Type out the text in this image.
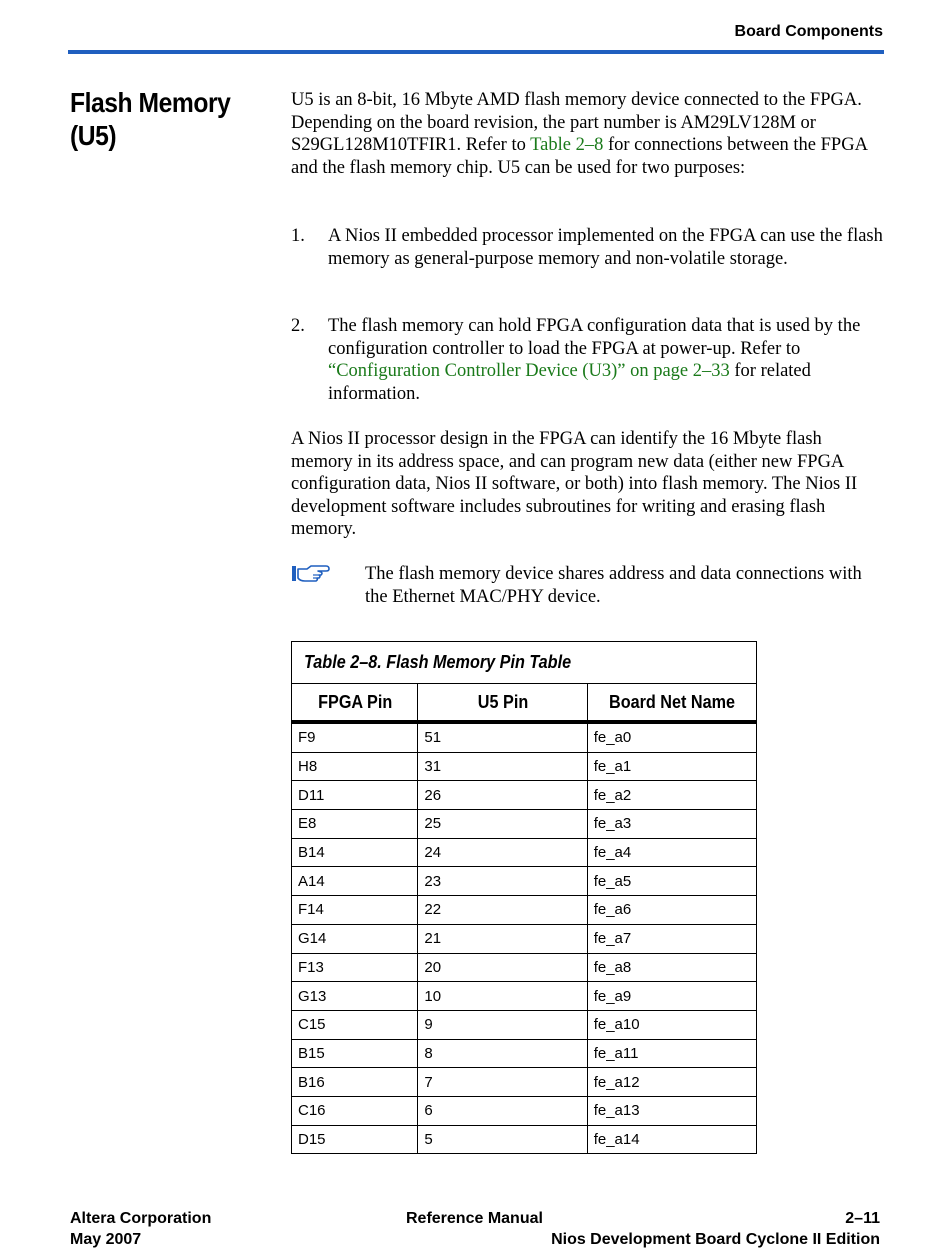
Board Components
Flash Memory (U5)
U5 is an 8-bit, 16 Mbyte AMD flash memory device connected to the FPGA. Depending on the board revision, the part number is AM29LV128M or S29GL128M10TFIR1. Refer to Table 2–8 for connections between the FPGA and the flash memory chip. U5 can be used for two purposes:
1. A Nios II embedded processor implemented on the FPGA can use the flash memory as general-purpose memory and non-volatile storage.
2. The flash memory can hold FPGA configuration data that is used by the configuration controller to load the FPGA at power-up. Refer to “Configuration Controller Device (U3)” on page 2–33 for related information.
A Nios II processor design in the FPGA can identify the 16 Mbyte flash memory in its address space, and can program new data (either new FPGA configuration data, Nios II software, or both) into flash memory. The Nios II development software includes subroutines for writing and erasing flash memory.
The flash memory device shares address and data connections with the Ethernet MAC/PHY device.
Table 2–8. Flash Memory Pin Table		
FPGA Pin	U5 Pin	Board Net Name
F9	51	fe_a0
H8	31	fe_a1
D11	26	fe_a2
E8	25	fe_a3
B14	24	fe_a4
A14	23	fe_a5
F14	22	fe_a6
G14	21	fe_a7
F13	20	fe_a8
G13	10	fe_a9
C15	9	fe_a10
B15	8	fe_a11
B16	7	fe_a12
C16	6	fe_a13
D15	5	fe_a14
Altera Corporation
May 2007
Reference Manual	2–11
Nios Development Board Cyclone II Edition
